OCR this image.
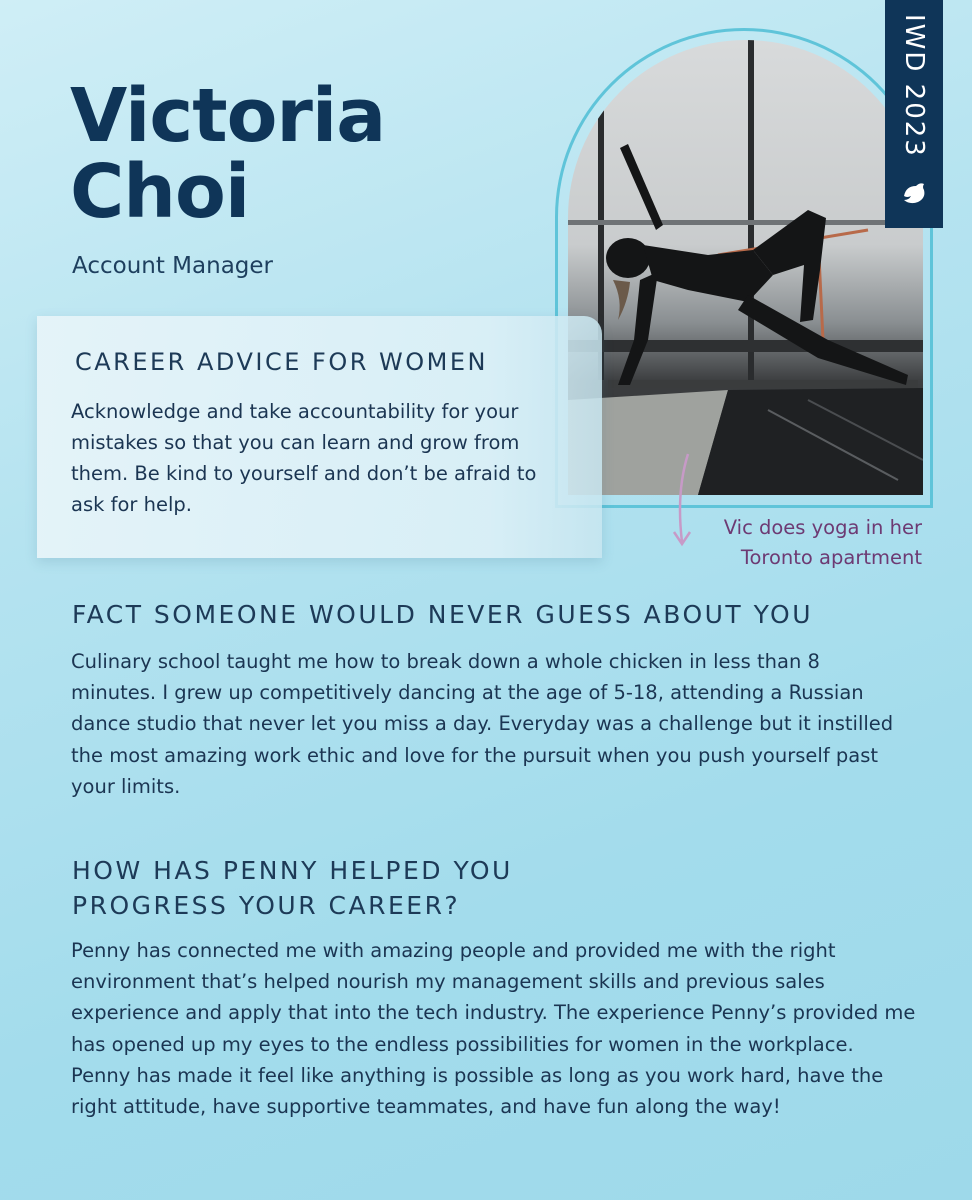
Victoria
Choi

Account Manager

IWD 2023
CAREER ADVICE FOR WOMEN

Acknowledge and take accountability for your mistakes so that you can learn and grow from them. Be kind to yourself and don’t be afraid to ask for help.

Vic does yoga in her
Toronto apartment

FACT SOMEONE WOULD NEVER GUESS ABOUT YOU

Culinary school taught me how to break down a whole chicken in less than 8 minutes. I grew up competitively dancing at the age of 5-18, attending a Russian dance studio that never let you miss a day. Everyday was a challenge but it instilled the most amazing work ethic and love for the pursuit when you push yourself past your limits.

HOW HAS PENNY HELPED YOU
PROGRESS YOUR CAREER?

Penny has connected me with amazing people and provided me with the right environment that’s helped nourish my management skills and previous sales experience and apply that into the tech industry. The experience Penny’s provided me has opened up my eyes to the endless possibilities for women in the workplace. Penny has made it feel like anything is possible as long as you work hard, have the right attitude, have supportive teammates, and have fun along the way!
